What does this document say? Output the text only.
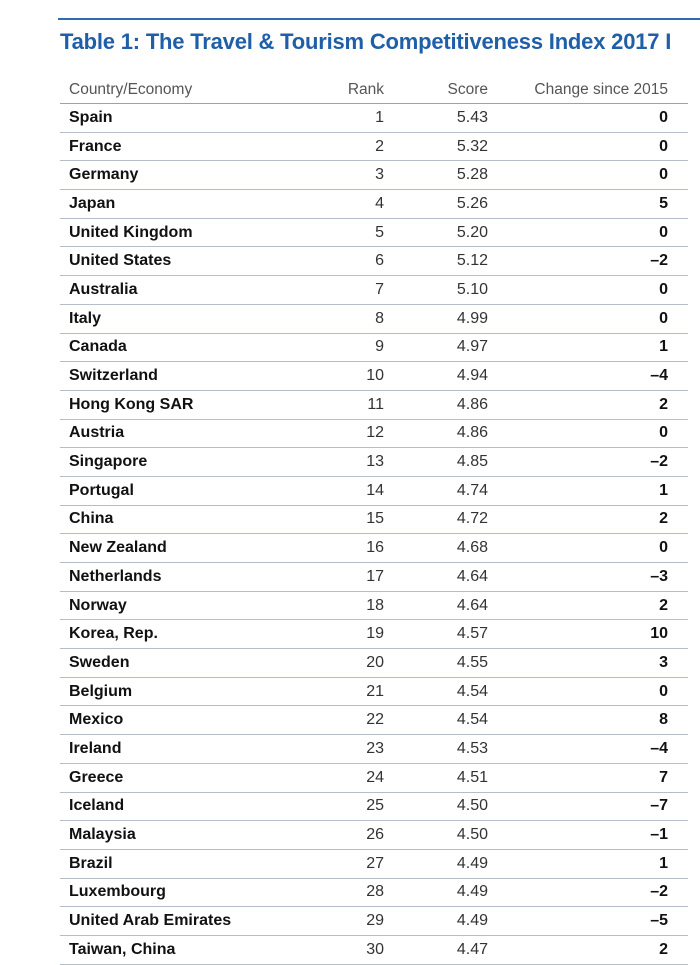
Table 1: The Travel & Tourism Competitiveness Index 2017 I
Country/Economy	Rank	Score	Change since 2015
Spain	1	5.43	0
France	2	5.32	0
Germany	3	5.28	0
Japan	4	5.26	5
United Kingdom	5	5.20	0
United States	6	5.12	–2
Australia	7	5.10	0
Italy	8	4.99	0
Canada	9	4.97	1
Switzerland	10	4.94	–4
Hong Kong SAR	11	4.86	2
Austria	12	4.86	0
Singapore	13	4.85	–2
Portugal	14	4.74	1
China	15	4.72	2
New Zealand	16	4.68	0
Netherlands	17	4.64	–3
Norway	18	4.64	2
Korea, Rep.	19	4.57	10
Sweden	20	4.55	3
Belgium	21	4.54	0
Mexico	22	4.54	8
Ireland	23	4.53	–4
Greece	24	4.51	7
Iceland	25	4.50	–7
Malaysia	26	4.50	–1
Brazil	27	4.49	1
Luxembourg	28	4.49	–2
United Arab Emirates	29	4.49	–5
Taiwan, China	30	4.47	2
